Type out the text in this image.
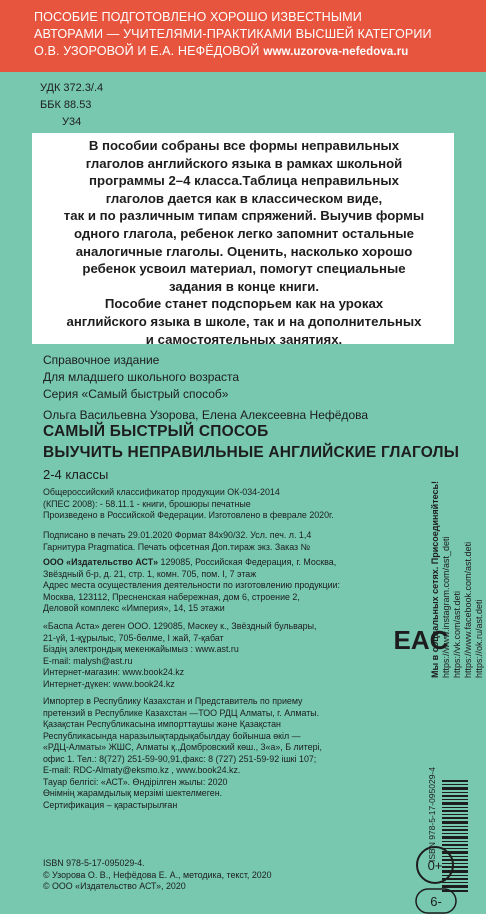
ПОСОБИЕ ПОДГОТОВЛЕНО ХОРОШО ИЗВЕСТНЫМИ
АВТОРАМИ — УЧИТЕЛЯМИ-ПРАКТИКАМИ ВЫСШЕЙ КАТЕГОРИИ
О.В. УЗОРОВОЙ И Е.А. НЕФЁДОВОЙ www.uzorova-nefedova.ru
УДК 372.3/.4
ББК 88.53
У34

В пособии собраны все формы неправильных

глаголов английского языка в рамках школьной

программы 2–4 класса.Таблица неправильных

глаголов дается как в классическом виде,

так и по различным типам спряжений. Выучив формы

одного глагола, ребенок легко запомнит остальные

аналогичные глаголы. Оценить, насколько хорошо

ребенок усвоил материал, помогут специальные

задания в конце книги.

Пособие станет подспорьем как на уроках

английского языка в школе, так и на дополнительных

и самостоятельных занятиях.

Справочное издание
Для младшего школьного возраста
Серия «Самый быстрый способ»
Ольга Васильевна Узорова, Елена Алексеевна Нефёдова
САМЫЙ БЫСТРЫЙ СПОСОБ
ВЫУЧИТЬ НЕПРАВИЛЬНЫЕ АНГЛИЙСКИЕ ГЛАГОЛЫ
2-4 классы

Общероссийский классификатор продукции ОК-034-2014

(КПЕС 2008): - 58.11.1 - книги, брошюры печатные

Произведено в Российской Федерации. Изготовлено в феврале 2020г.

Подписано в печать 29.01.2020 Формат 84х90/32. Усл. печ. л. 1,4

Гарнитура Pragmatica. Печать офсетная Доп.тираж экз. Заказ №

ООО «Издательство АСТ» 129085, Российская Федерация, г. Москва,

Звёздный б-р, д. 21, стр. 1, комн. 705, пом. I, 7 этаж

Адрес места осуществления деятельности по изготовлению продукции:

Москва, 123112, Пресненская набережная, дом 6, строение 2,

Деловой комплекс «Империя», 14, 15 этажи

«Баспа Аста» деген ООО. 129085, Мәскеу к., Звёздный бульвары,

21-үй, 1-құрылыс, 705-бөлме, I жай, 7-қабат

Біздің электрондық мекенжайымыз : www.ast.ru

E-mail: malysh@ast.ru

Интернет-магазин: www.book24.kz

Интернет-дүкен: www.book24.kz

Импортер в Республику Казахстан и Представитель по приему

претензий в Республике Казахстан —ТОО РДЦ Алматы, г. Алматы.

Қазақстан Республикасына импорттаушы және Қазақстан

Республикасында наразылықтардықабылдау бойынша өкіл —

«РДЦ-Алматы» ЖШС, Алматы қ.,Домбровский көш., 3«а», Б литері,

офис 1. Тел.: 8(727) 251-59-90,91,факс: 8 (727) 251-59-92 ішкі 107;

E-mail: RDC-Almaty@eksmo.kz , www.book24.kz.

Тауар белгісі: «АСТ». Өндірілген жылы: 2020

Өнімнің жарамдылық мерзімі шектелмеген.

Сертификация – қарастырылған

ISBN 978-5-17-095029-4.

© Узорова О. В., Нефёдова Е. А., методика, текст, 2020

© ООО «Издательство АСТ», 2020

Мы в социальных сетях. Присоединяйтесь! https://www.instagram.com/ast_deti https://vk.com/ast.deti https://www.facebook.com/ast.deti https://ok.ru/ast.deti
EAC
0+
ISBN 978-5-17-095029-4
6-
